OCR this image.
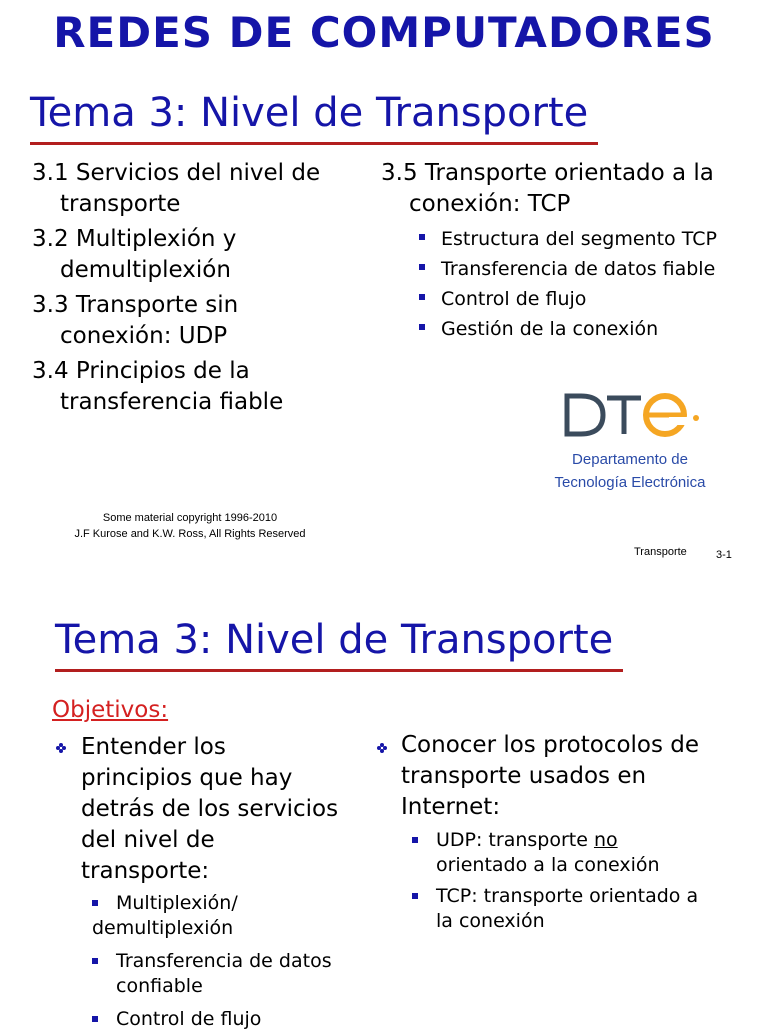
REDES DE COMPUTADORES
Tema 3: Nivel de Transporte
3.1 Servicios del nivel de
transporte
3.2 Multiplexión y
demultiplexión
3.3 Transporte sin
conexión: UDP
3.4 Principios de la
transferencia fiable
3.5 Transporte orientado a la
conexión: TCP
Estructura del segmento TCP
Transferencia de datos fiable
Control de flujo
Gestión de la conexión
Departamento de
Tecnología Electrónica
Some material copyright 1996-2010
J.F Kurose and K.W. Ross, All Rights Reserved
Transporte	3-1
Tema 3: Nivel de Transporte
Objetivos:
Entender los
principios que hay
detrás de los servicios
del nivel de
transporte:
Multiplexión/
demultiplexión
Transferencia de datos
confiable
Control de flujo
Conocer los protocolos de
transporte usados en
Internet:
UDP: transporte no
orientado a la conexión
TCP: transporte orientado a
la conexión
